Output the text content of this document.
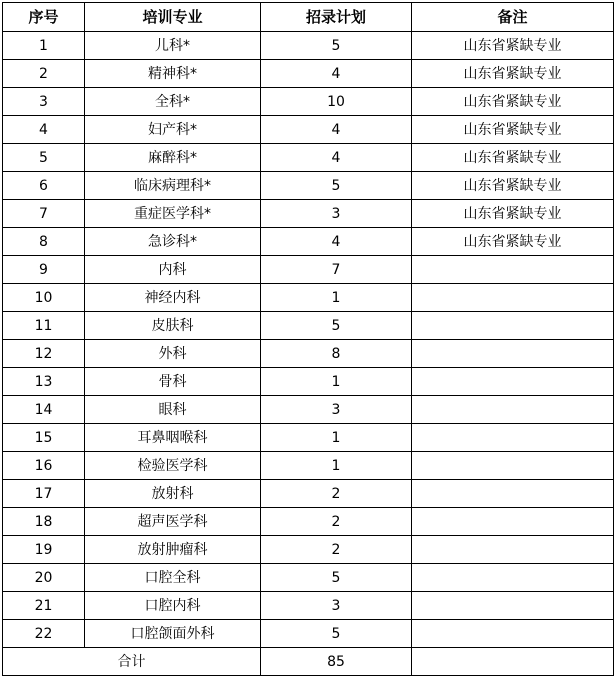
序号	培训专业	招录计划	备注
1	儿科*	5	山东省紧缺专业
2	精神科*	4	山东省紧缺专业
3	全科*	10	山东省紧缺专业
4	妇产科*	4	山东省紧缺专业
5	麻醉科*	4	山东省紧缺专业
6	临床病理科*	5	山东省紧缺专业
7	重症医学科*	3	山东省紧缺专业
8	急诊科*	4	山东省紧缺专业
9	内科	7	
10	神经内科	1	
11	皮肤科	5	
12	外科	8	
13	骨科	1	
14	眼科	3	
15	耳鼻咽喉科	1	
16	检验医学科	1	
17	放射科	2	
18	超声医学科	2	
19	放射肿瘤科	2	
20	口腔全科	5	
21	口腔内科	3	
22	口腔颌面外科	5	
合计		85	
